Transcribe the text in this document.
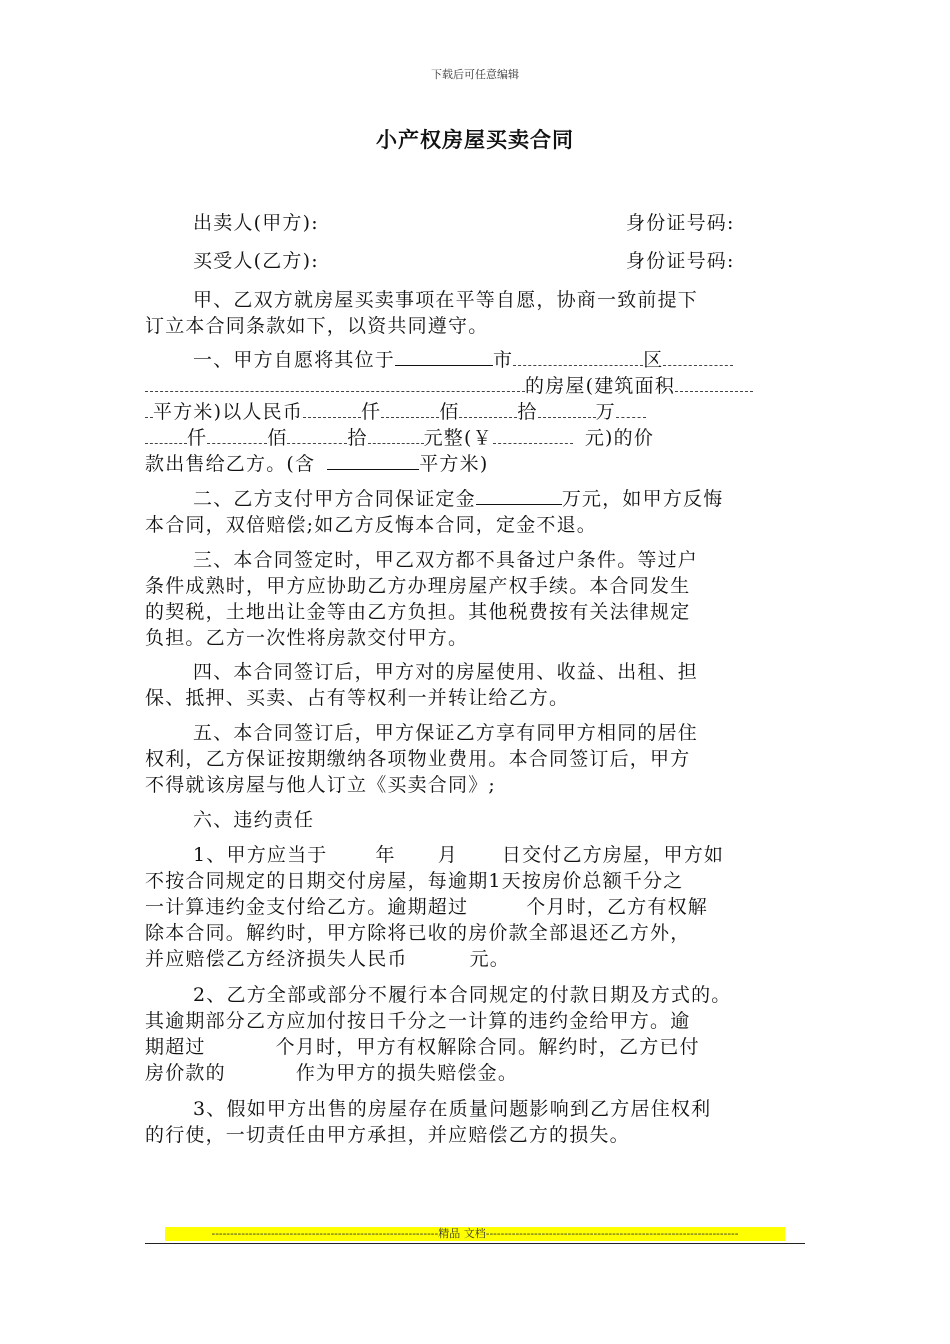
下载后可任意编辑
小产权房屋买卖合同
出卖人(甲方):	身份证号码:
买受人(乙方):	身份证号码:
甲、乙双方就房屋买卖事项在平等自愿，协商一致前提下
订立本合同条款如下，以资共同遵守。
一、甲方自愿将其位于	市	区
的房屋(建筑面积
平方米)以人民币	仟	佰	拾	万
仟	佰	拾	元整(￥	元)的价
款出售给乙方。(含	平方米)
二、乙方支付甲方合同保证定金	万元，如甲方反悔
本合同，双倍赔偿;如乙方反悔本合同，定金不退。
三、本合同签定时，甲乙双方都不具备过户条件。等过户
条件成熟时，甲方应协助乙方办理房屋产权手续。本合同发生
的契税，土地出让金等由乙方负担。其他税费按有关法律规定
负担。乙方一次性将房款交付甲方。
四、本合同签订后，甲方对的房屋使用、收益、出租、担
保、抵押、买卖、占有等权利一并转让给乙方。
五、本合同签订后，甲方保证乙方享有同甲方相同的居住
权利，乙方保证按期缴纳各项物业费用。本合同签订后，甲方
不得就该房屋与他人订立《买卖合同》;
六、违约责任
1、甲方应当于	年 月 日交付乙方房屋，甲方如
不按合同规定的日期交付房屋，每逾期1天按房价总额千分之
一计算违约金支付给乙方。逾期超过	个月时，乙方有权解
除本合同。解约时，甲方除将已收的房价款全部退还乙方外，
并应赔偿乙方经济损失人民币	元。
2、乙方全部或部分不履行本合同规定的付款日期及方式的。
其逾期部分乙方应加付按日千分之一计算的违约金给甲方。逾
期超过	个月时，甲方有权解除合同。解约时，乙方已付
房价款的	作为甲方的损失赔偿金。
3、假如甲方出售的房屋存在质量问题影响到乙方居住权利
的行使，一切责任由甲方承担，并应赔偿乙方的损失。
-------------------------------------------------------------精品 文档--------------------------------------------------------------------
